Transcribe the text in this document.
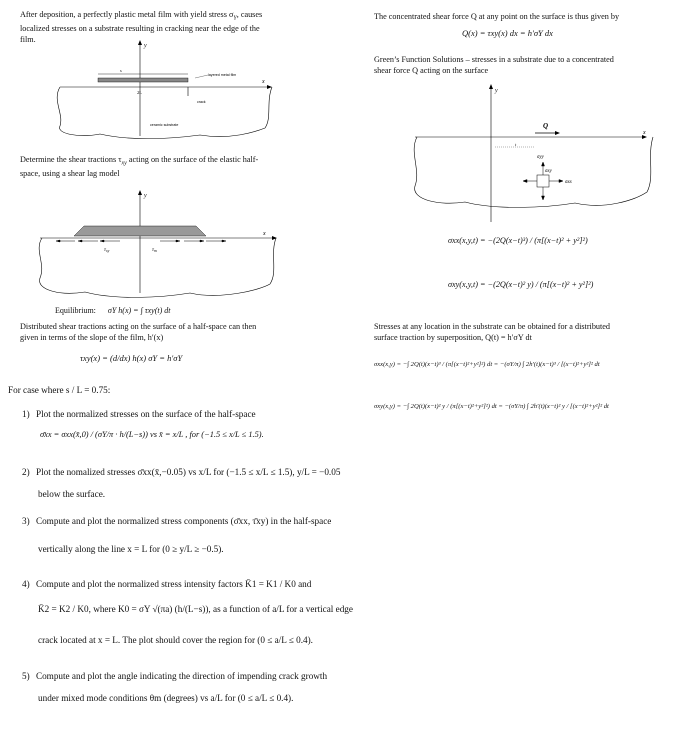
After deposition, a perfectly plastic metal film with yield stress $\sigma_Y$, causes
localized stresses on a substrate resulting in cracking near the edge of the
film.
y
x
s
2L
layered metal film
crack
ceramic substrate
Determine the shear tractions $\tau_{xy}$ acting on the surface of the elastic half-
space, using a shear lag model
y
x
τxy	τm
Equilibrium: σY h(x) = ∫ τxy(t) dt
Distributed shear tractions acting on the surface of a half-space can then
given in terms of the slope of the film, h′(x)
τxy(x) = (d/dx) h(x) σY = h′σY
For case where s / L = 0.75:
1) Plot the normalized stresses on the surface of the half-space
σ̄xx = σxx(x̄,0) / (σY/π · h/(L−s)) vs x̄ = x/L , for (−1.5 ≤ x/L ≤ 1.5).
2) Plot the nomalized stresses σ̄xx(x̄,−0.05) vs x/L for (−1.5 ≤ x/L ≤ 1.5), y/L = −0.05
below the surface.
3) Compute and plot the normalized stress components (σ̄xx, τ̄xy) in the half-space
vertically along the line x = L for (0 ≥ y/L ≥ −0.5).
4) Compute and plot the normalized stress intensity factors K̄1 = K1 / K0 and
K̄2 = K2 / K0, where K0 = σY √(πa) (h/(L−s)), as a function of a/L for a vertical edge
crack located at x = L. The plot should cover the region for (0 ≤ a/L ≤ 0.4).
5) Compute and plot the angle indicating the direction of impending crack growth
under mixed mode conditions θm (degrees) vs a/L for (0 ≤ a/L ≤ 0.4).
The concentrated shear force Q at any point on the surface is thus given by
Q(x) = τxy(x) dx = h′σY dx
Green’s Function Solutions – stresses in a substrate due to a concentrated
shear force Q acting on the surface
y
x
Q
t
σyy
σxy
σxx
σxx(x,y,t) = −(2Q(x−t)³) / (π[(x−t)² + y²]²)
σxy(x,y,t) = −(2Q(x−t)² y) / (π[(x−t)² + y²]²)
Stresses at any location in the substrate can be obtained for a distributed
surface traction by superposition, Q(t) = h′σY dt
σxx(x,y) = −∫ 2Q(t)(x−t)³ / (π[(x−t)²+y²]²) dt = −(σY/π) ∫ 2h′(t)(x−t)³ / [(x−t)²+y²]² dt
σxy(x,y) = −∫ 2Q(t)(x−t)² y / (π[(x−t)²+y²]²) dt = −(σY/π) ∫ 2h′(t)(x−t)² y / [(x−t)²+y²]² dt
